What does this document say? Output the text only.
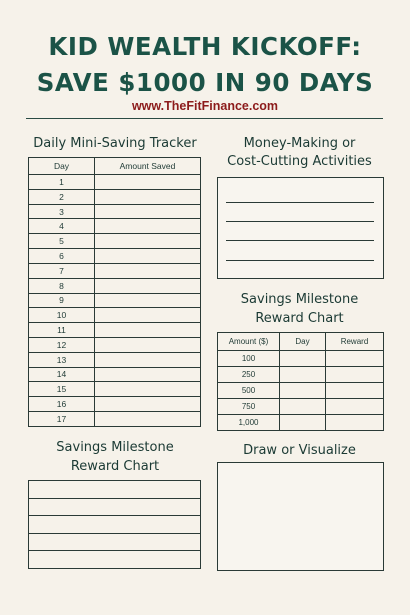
KID WEALTH KICKOFF:
SAVE $1000 IN 90 DAYS
www.TheFitFinance.com
Daily Mini-Saving Tracker
Day	Amount Saved
1	
2	
3	
4	
5	
6	
7	
8	
9	
10	
11	
12	
13	
14	
15	
16	
17	
Money-Making or
Cost-Cutting Activities
Savings Milestone
Reward Chart
Amount ($)	Day	Reward
100		
250		
500		
750		
1,000		
Savings Milestone
Reward Chart

Draw or Visualize
